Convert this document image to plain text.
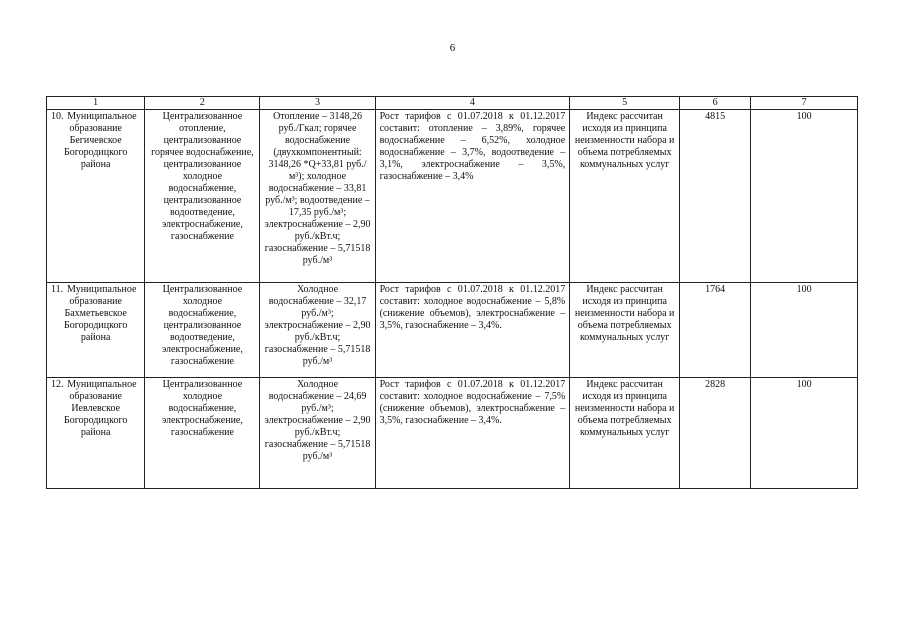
6
1	2	3	4	5	6	7

10. Муниципальное образование Бегичевское Богородицкого района	Централизованное отопление, централизованное горячее водоснабжение, централизованное холодное водоснабжение, централизованное водоотведение, электроснабжение, газоснабжение	Отопление – 3148,26 руб./Гкал; горячее водоснабжение (двухкомпонентный: 3148,26 *Q+33,81 руб./м³); холодное водоснабжение – 33,81 руб./м³; водоотведение – 17,35 руб./м³; электроснабжение – 2,90 руб./кВт.ч; газоснабжение – 5,71518 руб./м³	Рост тарифов с 01.07.2018 к 01.12.2017 составит: отопление – 3,89%, горячее водоснабжение – 6,52%, холодное водоснабжение – 3,7%, водоотведение – 3,1%, электроснабжение – 3,5%, газоснабжение – 3,4%	Индекс рассчитан исходя из принципа неизменности набора и объема потребляемых коммунальных услуг	4815	100

11. Муниципальное образование Бахметьевское Богородицкого района	Централизованное холодное водоснабжение, централизованное водоотведение, электроснабжение, газоснабжение	Холодное водоснабжение – 32,17 руб./м³; электроснабжение – 2,90 руб./кВт.ч; газоснабжение – 5,71518 руб./м³	Рост тарифов с 01.07.2018 к 01.12.2017 составит: холодное водоснабжение – 5,8% (снижение объемов), электроснабжение – 3,5%, газоснабжение – 3,4%.	Индекс рассчитан исходя из принципа неизменности набора и объема потребляемых коммунальных услуг	1764	100

12. Муниципальное образование Иевлевское Богородицкого района	Централизованное холодное водоснабжение, электроснабжение, газоснабжение	Холодное водоснабжение – 24,69 руб./м³; электроснабжение – 2,90 руб./кВт.ч; газоснабжение – 5,71518 руб./м³	Рост тарифов с 01.07.2018 к 01.12.2017 составит: холодное водоснабжение – 7,5% (снижение объемов), электроснабжение – 3,5%, газоснабжение – 3,4%.	Индекс рассчитан исходя из принципа неизменности набора и объема потребляемых коммунальных услуг	2828	100
